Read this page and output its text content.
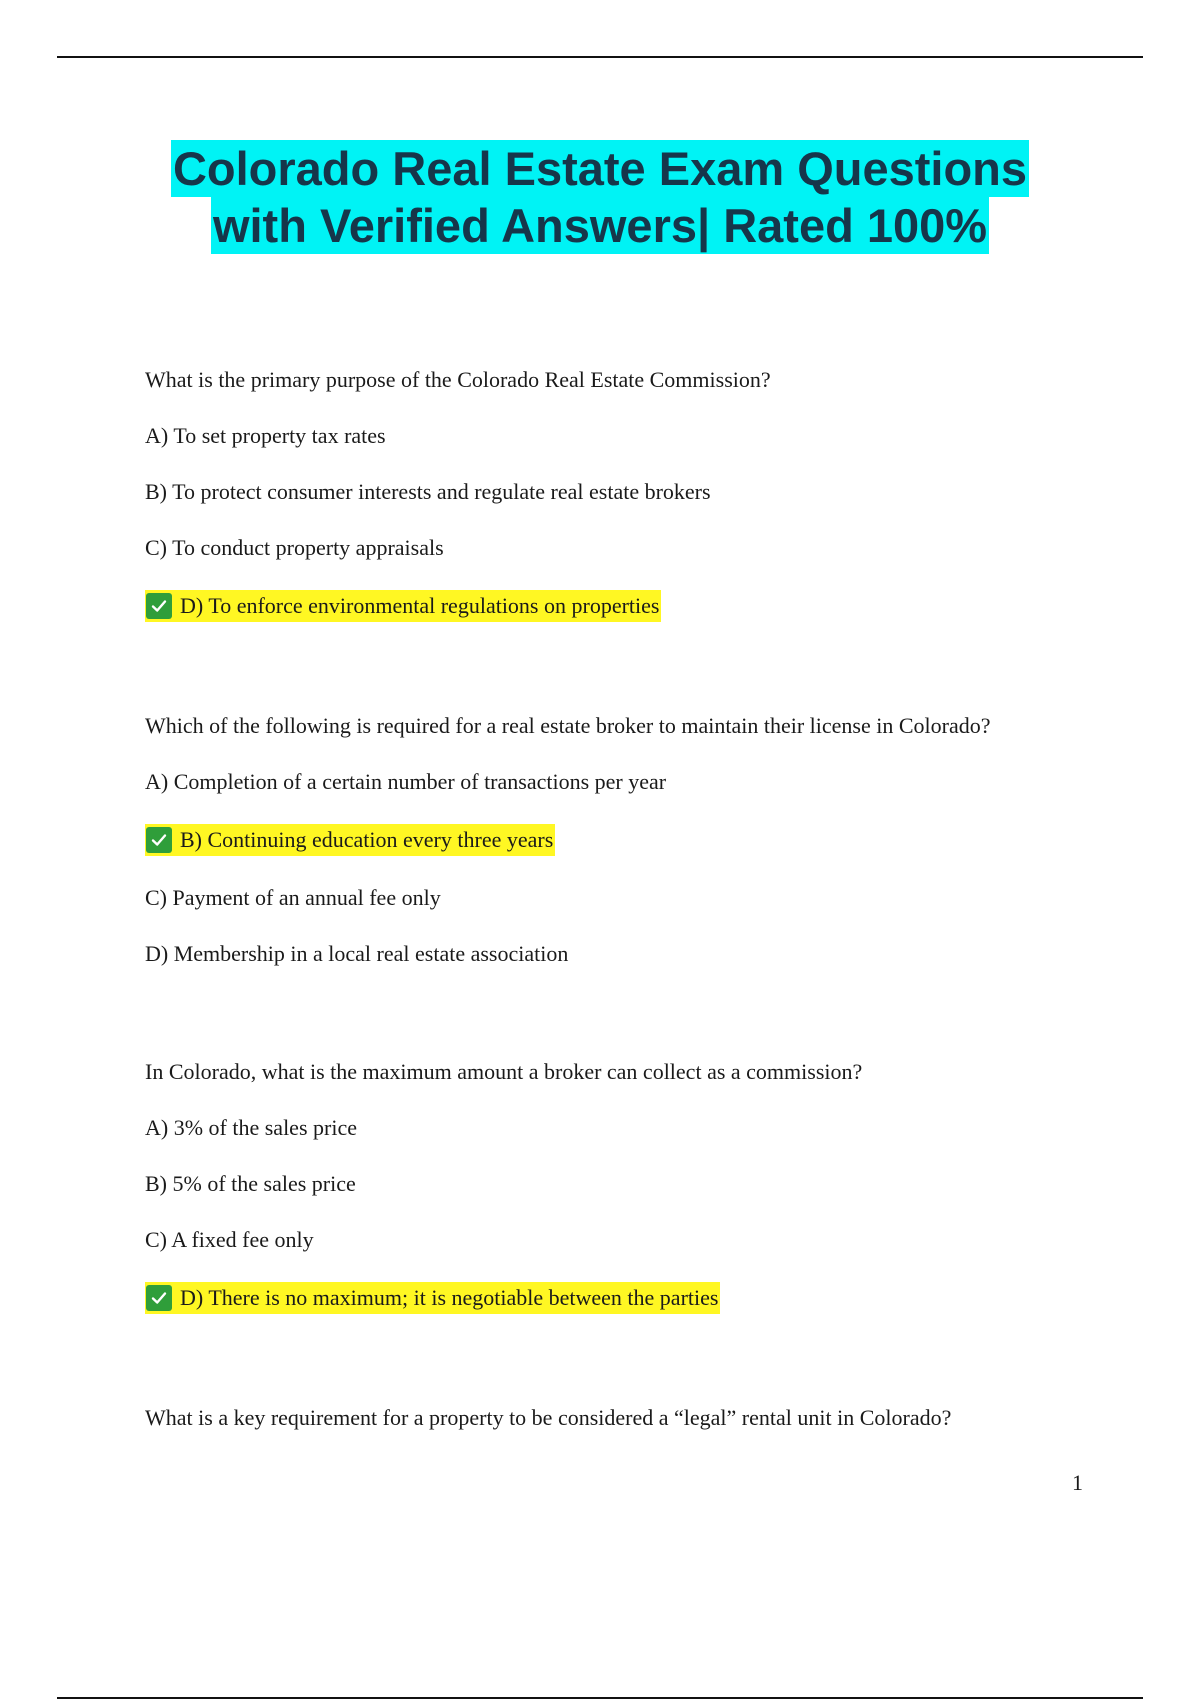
Colorado Real Estate Exam Questions
with Verified Answers| Rated 100%
What is the primary purpose of the Colorado Real Estate Commission?
A) To set property tax rates
B) To protect consumer interests and regulate real estate brokers
C) To conduct property appraisals
D) To enforce environmental regulations on properties
Which of the following is required for a real estate broker to maintain their license in Colorado?
A) Completion of a certain number of transactions per year
B) Continuing education every three years
C) Payment of an annual fee only
D) Membership in a local real estate association
In Colorado, what is the maximum amount a broker can collect as a commission?
A) 3% of the sales price
B) 5% of the sales price
C) A fixed fee only
D) There is no maximum; it is negotiable between the parties
What is a key requirement for a property to be considered a “legal” rental unit in Colorado?
1
